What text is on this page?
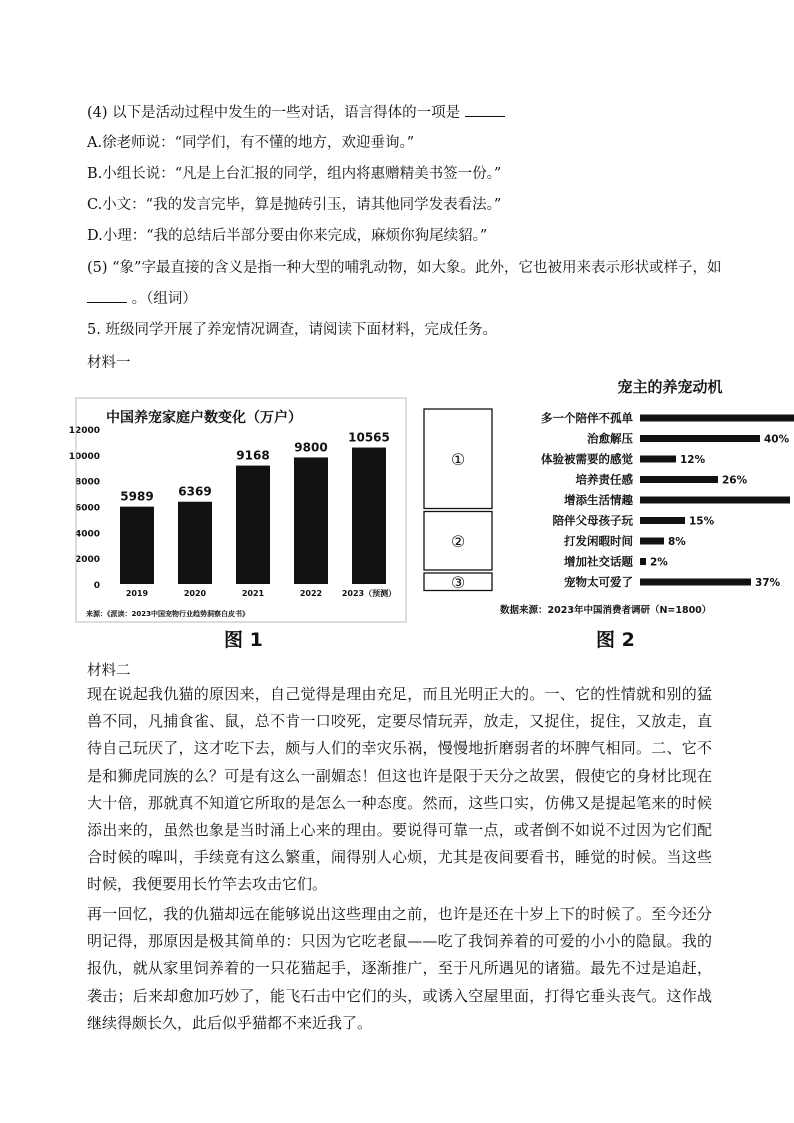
(4) 以下是活动过程中发生的一些对话，语言得体的一项是
A.徐老师说：“同学们，有不懂的地方，欢迎垂询。”
B.小组长说：“凡是上台汇报的同学，组内将惠赠精美书签一份。”
C.小文：“我的发言完毕，算是抛砖引玉，请其他同学发表看法。”
D.小理：“我的总结后半部分要由你来完成，麻烦你狗尾续貂。”
(5) “象”字最直接的含义是指一种大型的哺乳动物，如大象。此外，它也被用来表示形状或样子，如
。（组词）
5. 班级同学开展了养宠情况调查，请阅读下面材料，完成任务。
材料一
中国养宠家庭户数变化（万户）
0
2000
4000
6000
8000
10000
12000
5989
2019
6369
2020
9168
2021
9800
2022
10565
2023（预测）
来源：《派读：2023中国宠物行业趋势洞察白皮书》
图 1
宠主的养宠动机
①
②
③
多一个陪伴不孤单
治愈解压	40%
体验被需要的感觉	12%
培养责任感	26%
增添生活情趣
陪伴父母孩子玩	15%
打发闲暇时间	8%
增加社交话题 2%
宠物太可爱了	37%
数据来源：2023年中国消费者调研（N=1800）
图 2
材料二
现在说起我仇猫的原因来，自己觉得是理由充足，而且光明正大的。一、它的性情就和别的猛兽不同，凡捕食雀、鼠，总不肯一口咬死，定要尽情玩弄，放走，又捉住，捉住，又放走，直待自己玩厌了，这才吃下去，颇与人们的幸灾乐祸，慢慢地折磨弱者的坏脾气相同。二、它不是和狮虎同族的么？可是有这么一副媚态！但这也许是限于天分之故罢，假使它的身材比现在大十倍，那就真不知道它所取的是怎么一种态度。然而，这些口实，仿佛又是提起笔来的时候添出来的，虽然也象是当时涌上心来的理由。要说得可靠一点，或者倒不如说不过因为它们配合时候的嗥叫，手续竟有这么繁重，闹得别人心烦，尤其是夜间要看书，睡觉的时候。当这些时候，我便要用长竹竿去攻击它们。
再一回忆，我的仇猫却远在能够说出这些理由之前，也许是还在十岁上下的时候了。至今还分明记得，那原因是极其简单的：只因为它吃老鼠——吃了我饲养着的可爱的小小的隐鼠。我的报仇，就从家里饲养着的一只花猫起手，逐渐推广，至于凡所遇见的诸猫。最先不过是追赶，袭击；后来却愈加巧妙了，能飞石击中它们的头，或诱入空屋里面，打得它垂头丧气。这作战继续得颇长久，此后似乎猫都不来近我了。
